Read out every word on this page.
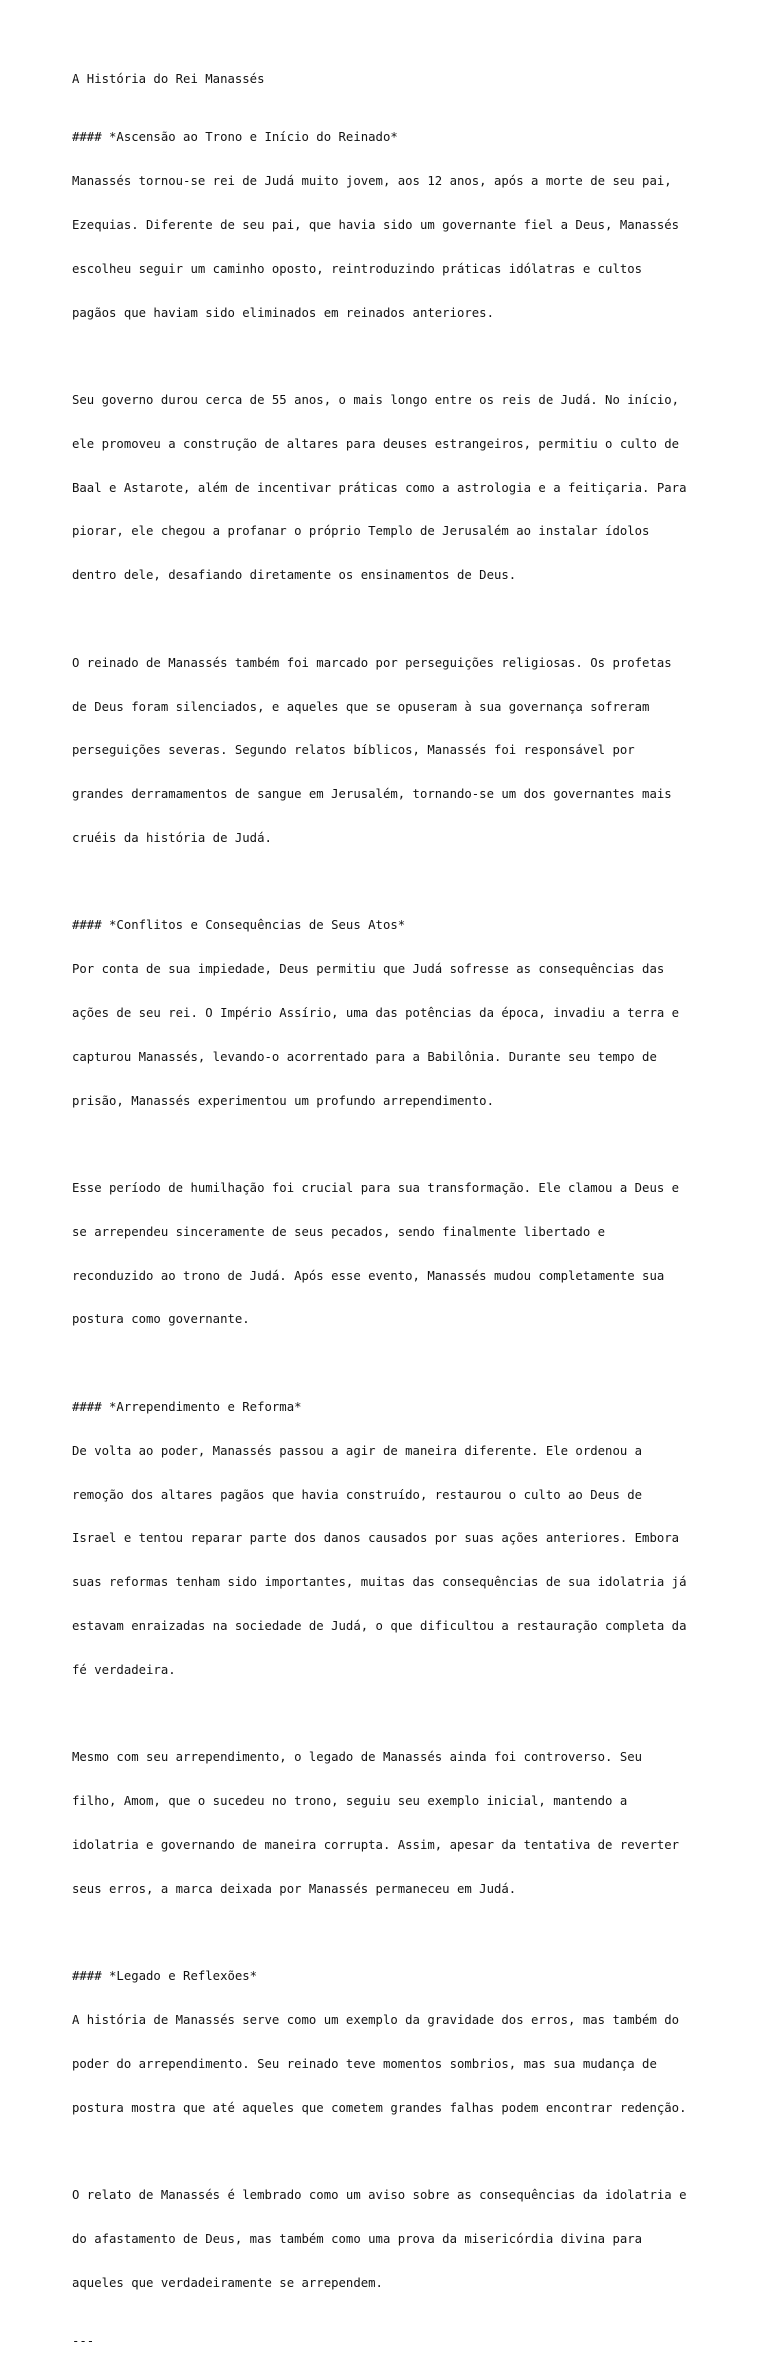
A História do Rei Manassés

#### *Ascensão ao Trono e Início do Reinado*

Manassés tornou-se rei de Judá muito jovem, aos 12 anos, após a morte de seu pai,

Ezequias. Diferente de seu pai, que havia sido um governante fiel a Deus, Manassés

escolheu seguir um caminho oposto, reintroduzindo práticas idólatras e cultos

pagãos que haviam sido eliminados em reinados anteriores.

Seu governo durou cerca de 55 anos, o mais longo entre os reis de Judá. No início,

ele promoveu a construção de altares para deuses estrangeiros, permitiu o culto de

Baal e Astarote, além de incentivar práticas como a astrologia e a feitiçaria. Para

piorar, ele chegou a profanar o próprio Templo de Jerusalém ao instalar ídolos

dentro dele, desafiando diretamente os ensinamentos de Deus.

O reinado de Manassés também foi marcado por perseguições religiosas. Os profetas

de Deus foram silenciados, e aqueles que se opuseram à sua governança sofreram

perseguições severas. Segundo relatos bíblicos, Manassés foi responsável por

grandes derramamentos de sangue em Jerusalém, tornando-se um dos governantes mais

cruéis da história de Judá.

#### *Conflitos e Consequências de Seus Atos*

Por conta de sua impiedade, Deus permitiu que Judá sofresse as consequências das

ações de seu rei. O Império Assírio, uma das potências da época, invadiu a terra e

capturou Manassés, levando-o acorrentado para a Babilônia. Durante seu tempo de

prisão, Manassés experimentou um profundo arrependimento.

Esse período de humilhação foi crucial para sua transformação. Ele clamou a Deus e

se arrependeu sinceramente de seus pecados, sendo finalmente libertado e

reconduzido ao trono de Judá. Após esse evento, Manassés mudou completamente sua

postura como governante.

#### *Arrependimento e Reforma*

De volta ao poder, Manassés passou a agir de maneira diferente. Ele ordenou a

remoção dos altares pagãos que havia construído, restaurou o culto ao Deus de

Israel e tentou reparar parte dos danos causados por suas ações anteriores. Embora

suas reformas tenham sido importantes, muitas das consequências de sua idolatria já

estavam enraizadas na sociedade de Judá, o que dificultou a restauração completa da

fé verdadeira.

Mesmo com seu arrependimento, o legado de Manassés ainda foi controverso. Seu

filho, Amom, que o sucedeu no trono, seguiu seu exemplo inicial, mantendo a

idolatria e governando de maneira corrupta. Assim, apesar da tentativa de reverter

seus erros, a marca deixada por Manassés permaneceu em Judá.

#### *Legado e Reflexões*

A história de Manassés serve como um exemplo da gravidade dos erros, mas também do

poder do arrependimento. Seu reinado teve momentos sombrios, mas sua mudança de

postura mostra que até aqueles que cometem grandes falhas podem encontrar redenção.

O relato de Manassés é lembrado como um aviso sobre as consequências da idolatria e

do afastamento de Deus, mas também como uma prova da misericórdia divina para

aqueles que verdadeiramente se arrependem.

---
